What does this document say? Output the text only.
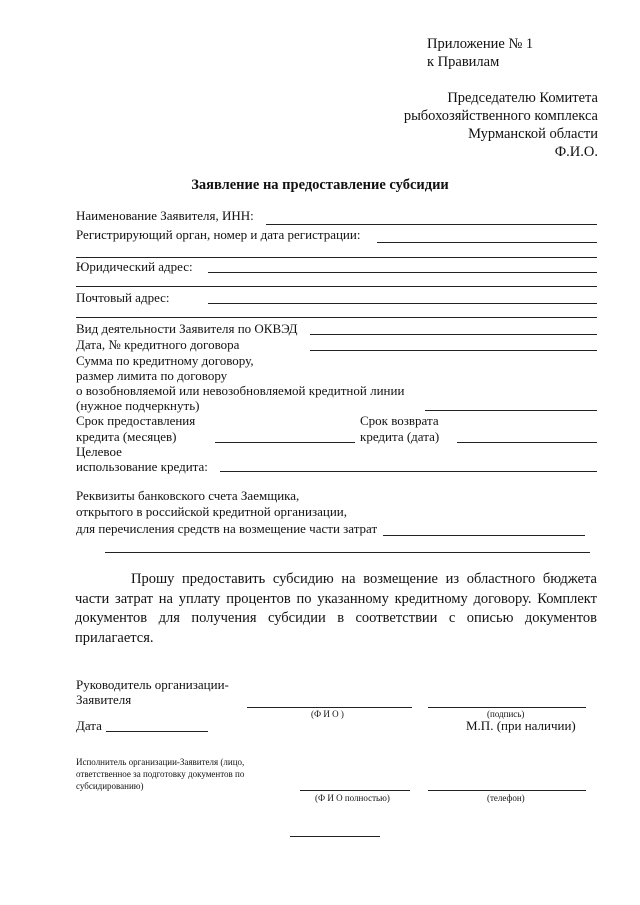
Приложение № 1
к Правилам
Председателю Комитета
рыбохозяйственного комплекса
Мурманской области
Ф.И.О.
Заявление на предоставление субсидии
Наименование Заявителя, ИНН:
Регистрирующий орган, номер и дата регистрации:
Юридический адрес:
Почтовый адрес:
Вид деятельности Заявителя по ОКВЭД
Дата, № кредитного договора
Сумма по кредитному договору,
размер лимита по договору
о возобновляемой или невозобновляемой кредитной линии
(нужное подчеркнуть)
Срок предоставления
кредита (месяцев)
Срок возврата
кредита (дата)
Целевое
использование кредита:
Реквизиты банковского счета Заемщика,
открытого в российской кредитной организации,
для перечисления средств на возмещение части затрат
Прошу предоставить субсидию на возмещение из областного бюджета части затрат на уплату процентов по указанному кредитному договору. Комплект документов для получения субсидии в соответствии с описью документов прилагается.
Руководитель организации-
Заявителя
(Ф И О )	(подпись)
Дата	М.П. (при наличии)
Исполнитель организации-Заявителя (лицо,
ответственное за подготовку документов по
субсидированию)
(Ф И О полностью)	(телефон)
